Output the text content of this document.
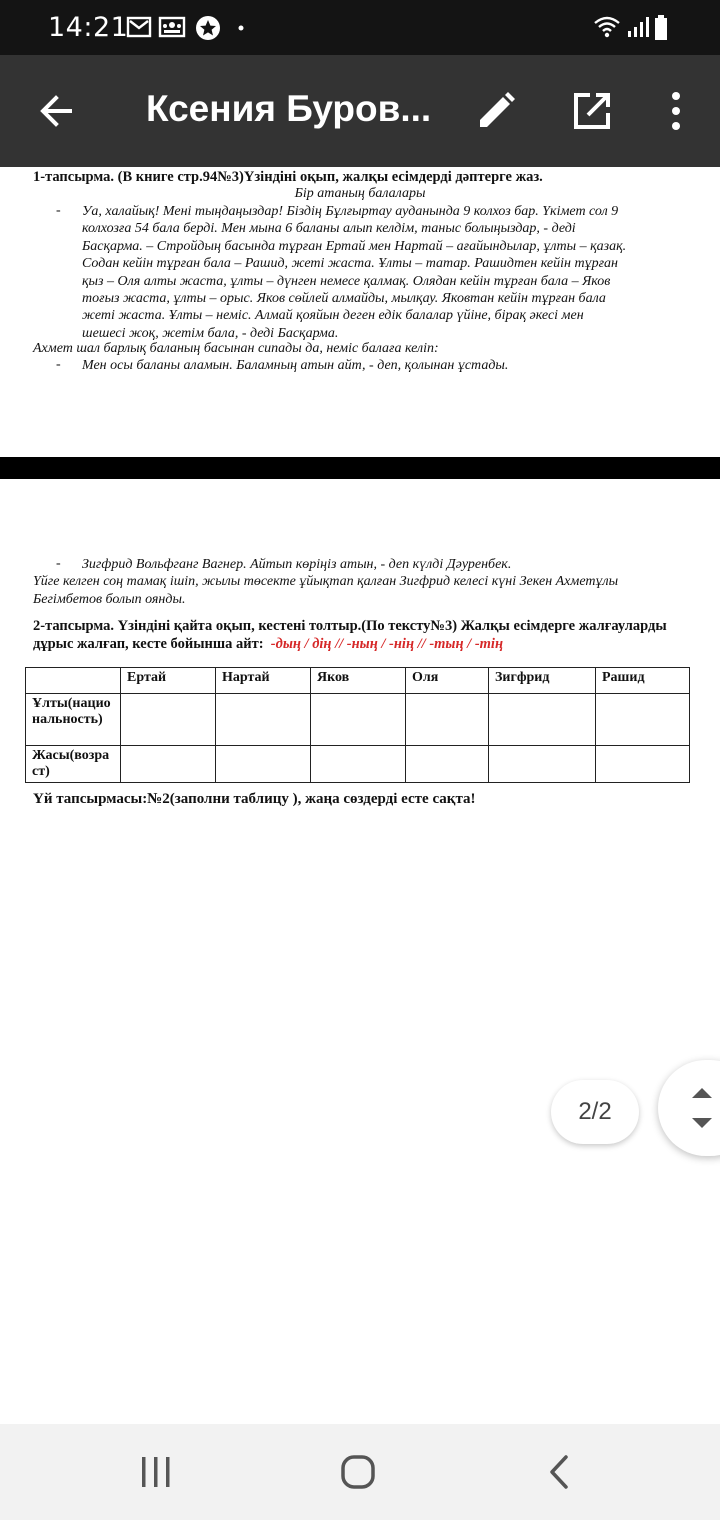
14:21
Ксения Буров...
1-тапсырма. (В книге стр.94№3)Үзіндіні оқып, жалқы есімдерді дәптерге жаз.
Бір атаның балалары
- Уа, халайық! Мені тыңдаңыздар! Біздің Бұлғыртау ауданында 9 колхоз бар. Үкімет сол 9
колхозға 54 бала берді. Мен мына 6 баланы алып келдім, таныс болыңыздар, - деді
Басқарма. – Стройдың басында тұрған Ертай мен Нартай – ағайындылар, ұлты – қазақ.
Содан кейін тұрған бала – Рашид, жеті жаста. Ұлты – татар. Рашидтен кейін тұрған
қыз – Оля алты жаста, ұлты – дүнген немесе қалмақ. Олядан кейін тұрған бала – Яков
тоғыз жаста, ұлты – орыс. Яков сөйлей алмайды, мылқау. Яковтан кейін тұрған бала
жеті жаста. Ұлты – неміс. Алмай қояйын деген едік балалар үйіне, бірақ әкесі мен
шешесі жоқ, жетім бала, - деді Басқарма.
Ахмет шал барлық баланың басынан сипады да, неміс балаға келіп:
- Мен осы баланы аламын. Баламның атын айт, - деп, қолынан ұстады.
- Зигфрид Вольфганг Вагнер. Айтып көріңіз атын, - деп күлді Дәуренбек.
Үйге келген соң тамақ ішіп, жылы төсекте ұйықтап қалған Зигфрид келесі күні Зекен Ахметұлы
Бегімбетов болып оянды.
2-тапсырма. Үзіндіні қайта оқып, кестені толтыр.(По тексту№3) Жалқы есімдерге жалғауларды дұрыс жалғап, кесте бойынша айт: -дың / дің // -ның / -нің // -тың / -тің
	Ертай	Нартай	Яков	Оля	Зигфрид	Рашид
Ұлты(национальность)						
Жасы(возраст)						
Үй тапсырмасы:№2(заполни таблицу ), жаңа сөздерді есте сақта!
2/2
